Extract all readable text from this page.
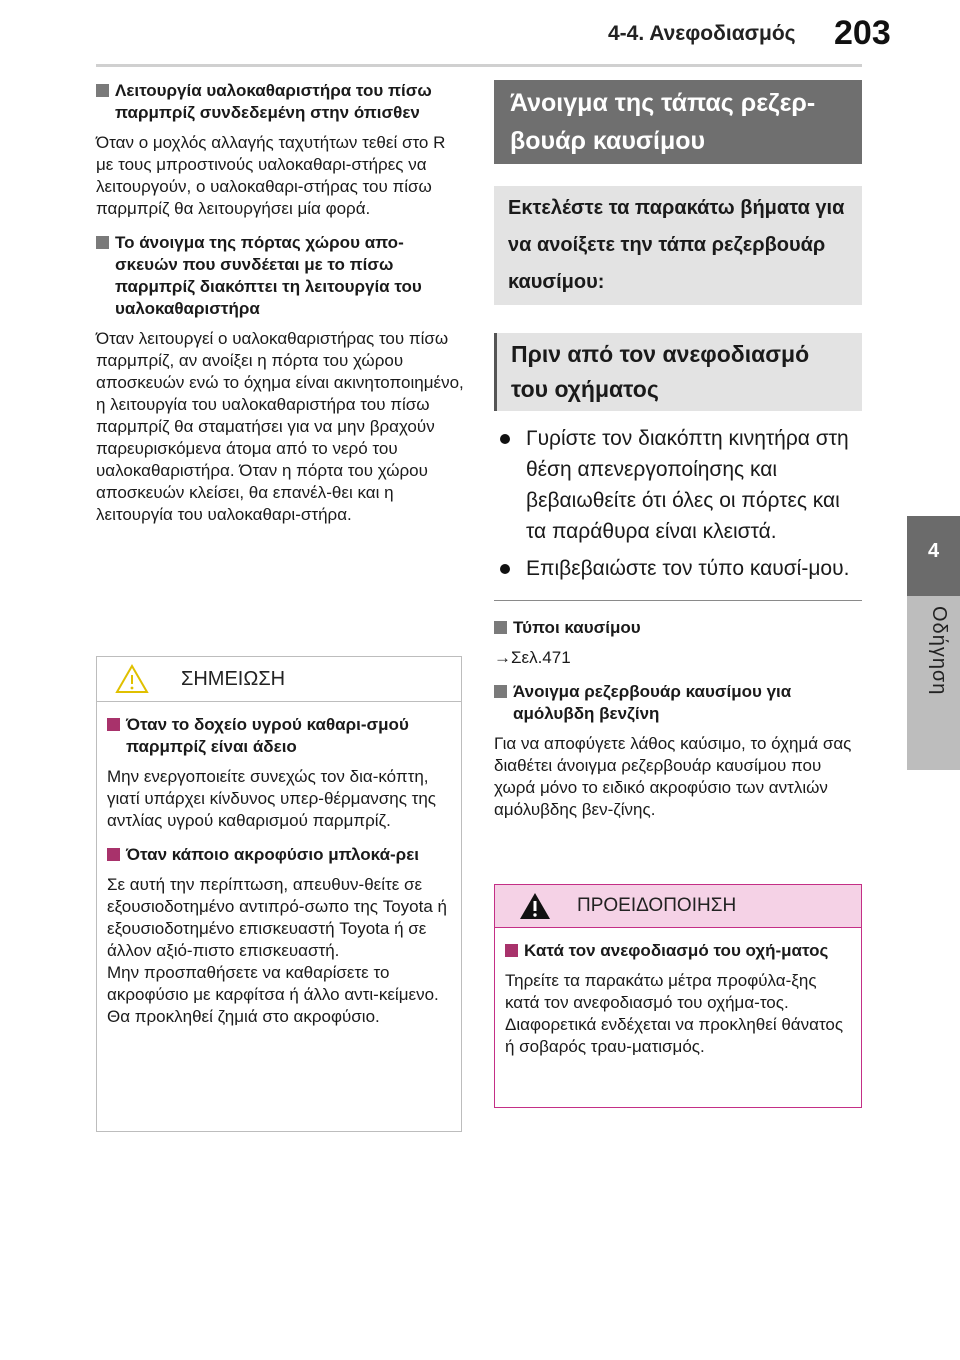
4-4. Ανεφοδιασμός 203
4
Οδήγηση
Λειτουργία υαλοκαθαριστήρα του πίσω παρμπρίζ συνδεδεμένη στην όπισθεν

Όταν ο μοχλός αλλαγής ταχυτήτων τεθεί στο R με τους μπροστινούς υαλοκαθαρι-στήρες να λειτουργούν, ο υαλοκαθαρι-στήρας του πίσω παρμπρίζ θα λειτουργήσει μία φορά.

Το άνοιγμα της πόρτας χώρου απο-σκευών που συνδέεται με το πίσω παρμπρίζ διακόπτει τη λειτουργία του υαλοκαθαριστήρα

Όταν λειτουργεί ο υαλοκαθαριστήρας του πίσω παρμπρίζ, αν ανοίξει η πόρτα του χώρου αποσκευών ενώ το όχημα είναι ακινητοποιημένο, η λειτουργία του υαλοκαθαριστήρα του πίσω παρμπρίζ θα σταματήσει για να μην βραχούν παρευρισκόμενα άτομα από το νερό του υαλοκαθαριστήρα. Όταν η πόρτα του χώρου αποσκευών κλείσει, θα επανέλ-θει και η λειτουργία του υαλοκαθαρι-στήρα.

ΣΗΜΕΙΩΣΗ
Όταν το δοχείο υγρού καθαρι-σμού παρμπρίζ είναι άδειο

Μην ενεργοποιείτε συνεχώς τον δια-κόπτη, γιατί υπάρχει κίνδυνος υπερ-θέρμανσης της αντλίας υγρού καθαρισμού παρμπρίζ.

Όταν κάποιο ακροφύσιο μπλοκά-ρει

Σε αυτή την περίπτωση, απευθυν-θείτε σε εξουσιοδοτημένο αντιπρό-σωπο της Toyota ή εξουσιοδοτημένο επισκευαστή Toyota ή σε άλλον αξιό-πιστο επισκευαστή.

Μην προσπαθήσετε να καθαρίσετε το ακροφύσιο με καρφίτσα ή άλλο αντι-κείμενο. Θα προκληθεί ζημιά στο ακροφύσιο.

Άνοιγμα της τάπας ρεζερ-βουάρ καυσίμου
Εκτελέστε τα παρακάτω βήματα για να ανοίξετε την τάπα ρεζερβουάρ καυσίμου:
Πριν από τον ανεφοδιασμό του οχήματος
Γυρίστε τον διακόπτη κινητήρα στη θέση απενεργοποίησης και βεβαιωθείτε ότι όλες οι πόρτες και τα παράθυρα είναι κλειστά.
Επιβεβαιώστε τον τύπο καυσί-μου.
Τύποι καυσίμου

→Σελ.471

Άνοιγμα ρεζερβουάρ καυσίμου για αμόλυβδη βενζίνη

Για να αποφύγετε λάθος καύσιμο, το όχημά σας διαθέτει άνοιγμα ρεζερβουάρ καυσίμου που χωρά μόνο το ειδικό ακροφύσιο των αντλιών αμόλυβδης βεν-ζίνης.

ΠΡΟΕΙΔΟΠΟΙΗΣΗ
Κατά τον ανεφοδιασμό του οχή-ματος

Τηρείτε τα παρακάτω μέτρα προφύλα-ξης κατά τον ανεφοδιασμό του οχήμα-τος. Διαφορετικά ενδέχεται να προκληθεί θάνατος ή σοβαρός τραυ-ματισμός.
